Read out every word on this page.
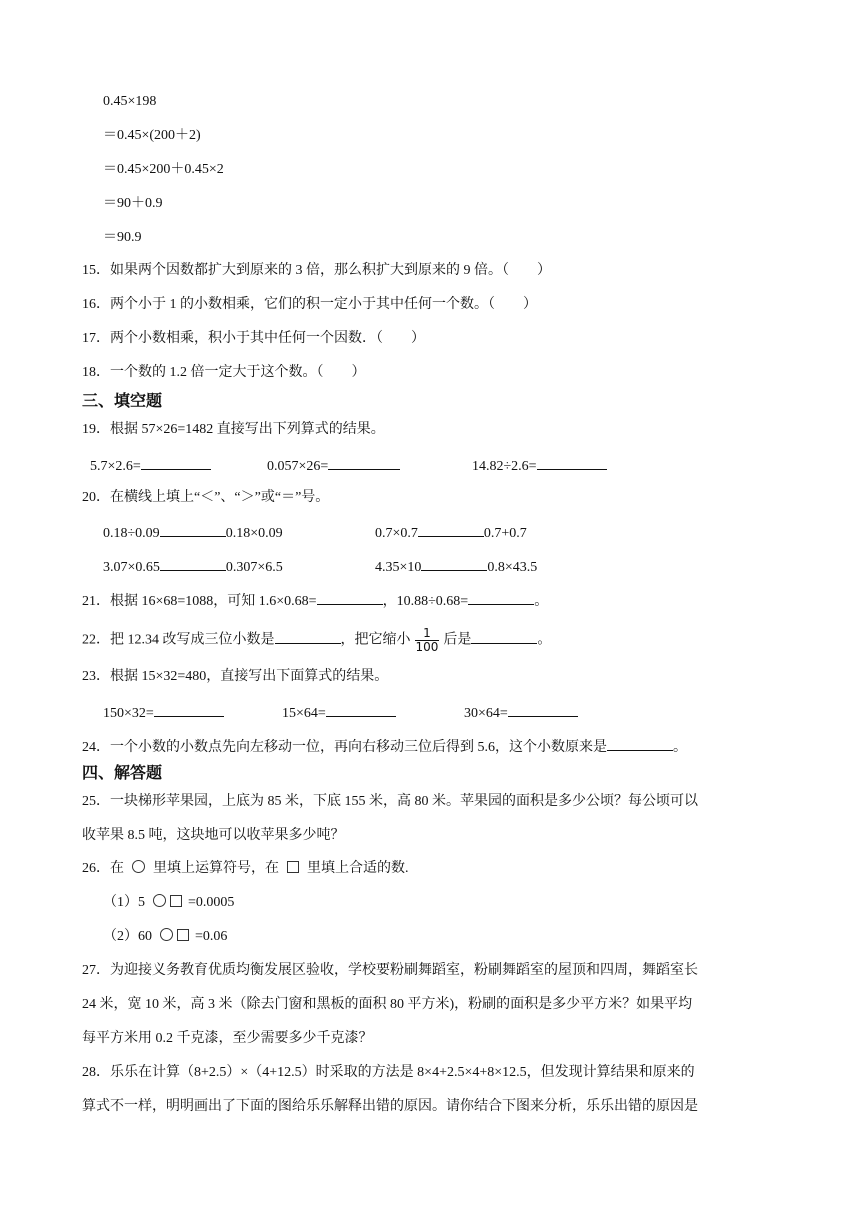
0.45×198
＝0.45×(200＋2)
＝0.45×200＋0.45×2
＝90＋0.9
＝90.9
15．如果两个因数都扩大到原来的 3 倍，那么积扩大到原来的 9 倍。（　　）
16．两个小于 1 的小数相乘，它们的积一定小于其中任何一个数。（　　）
17．两个小数相乘，积小于其中任何一个因数．（　　）
18．一个数的 1.2 倍一定大于这个数。（　　）
三、填空题
19．根据 57×26=1482 直接写出下列算式的结果。
5.7×2.6=	0.057×26=	14.82÷2.6=
20．在横线上填上“＜”、“＞”或“＝”号。
0.18÷0.09	0.18×0.09	0.7×0.7	0.7+0.7
3.07×0.65	0.307×6.5	4.35×10	0.8×43.5
21．根据 16×68=1088，可知 1.6×0.68=	，10.88÷0.68=	。
22．把 12.34 改写成三位小数是	，把它缩小 $\frac{1}{100}$ 后是	。
23．根据 15×32=480，直接写出下面算式的结果。
150×32=	15×64=	30×64=
24．一个小数的小数点先向左移动一位，再向右移动三位后得到 5.6，这个小数原来是	。
四、解答题
25．一块梯形苹果园，上底为 85 米，下底 155 米，高 80 米。苹果园的面积是多少公顷？每公顷可以
收苹果 8.5 吨，这块地可以收苹果多少吨？
26．在 里填上运算符号，在 里填上合适的数.
（1）5	=0.0005
（2）60	=0.06
27．为迎接义务教育优质均衡发展区验收，学校要粉刷舞蹈室，粉刷舞蹈室的屋顶和四周，舞蹈室长
24 米，宽 10 米，高 3 米（除去门窗和黑板的面积 80 平方米)，粉刷的面积是多少平方米？如果平均
每平方米用 0.2 千克漆，至少需要多少千克漆？
28．乐乐在计算（8+2.5）×（4+12.5）时采取的方法是 8×4+2.5×4+8×12.5，但发现计算结果和原来的
算式不一样，明明画出了下面的图给乐乐解释出错的原因。请你结合下图来分析，乐乐出错的原因是
